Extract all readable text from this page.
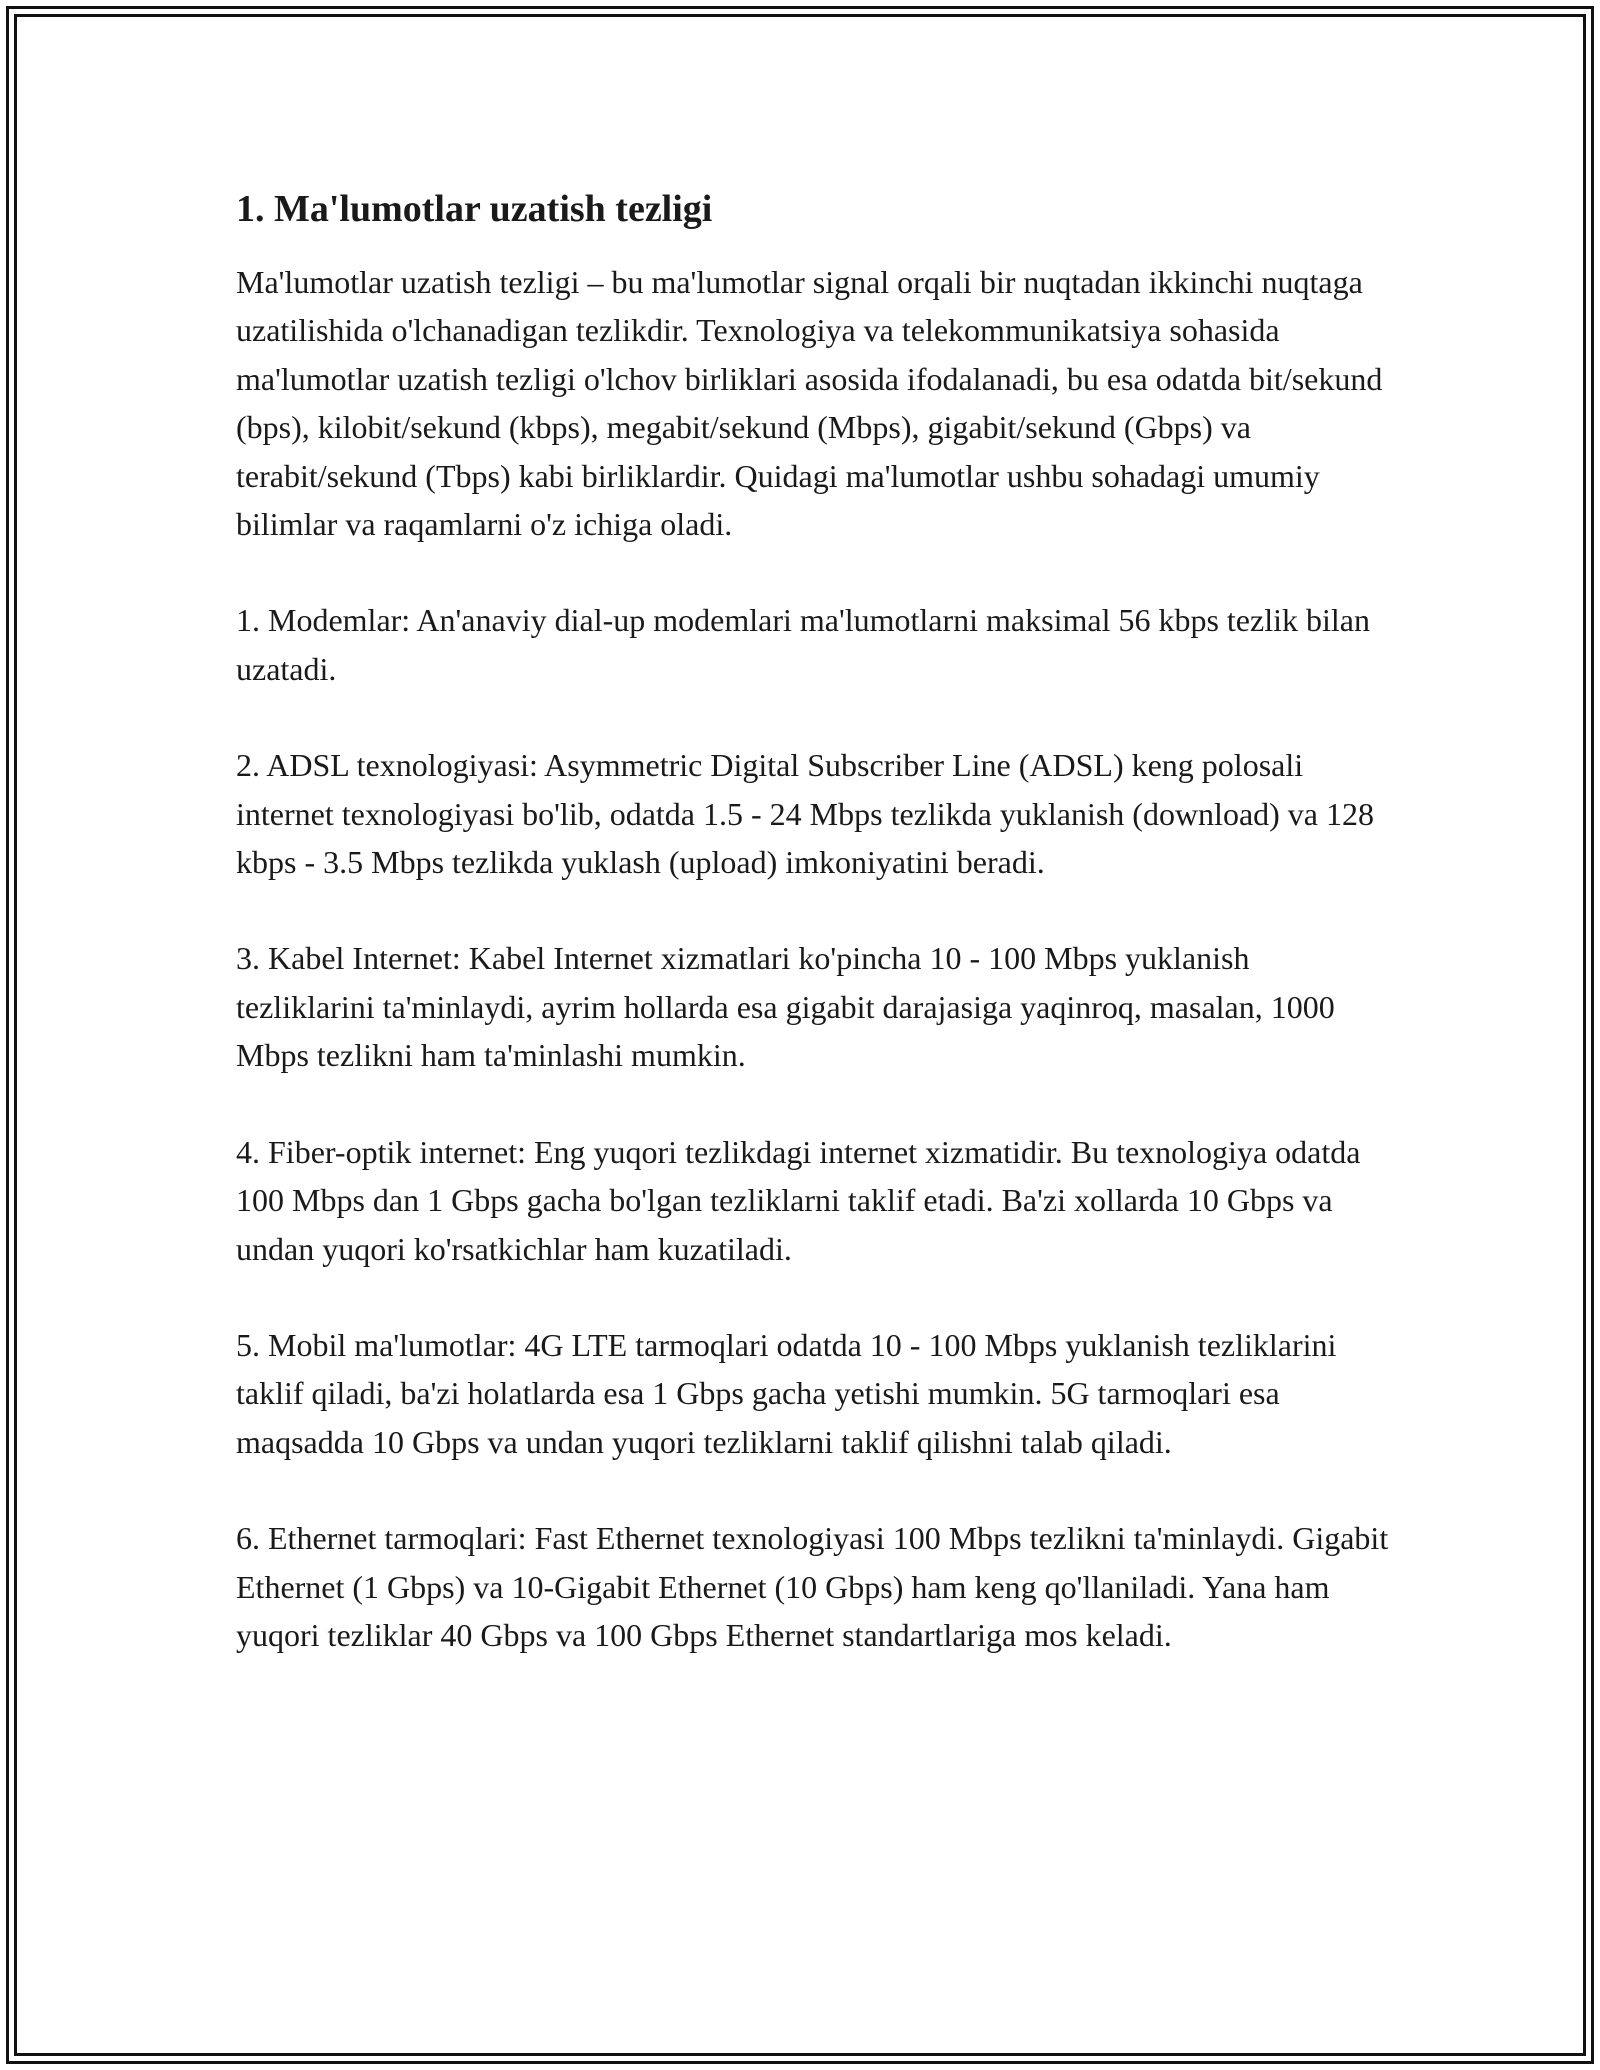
1. Ma'lumotlar uzatish tezligi

Ma'lumotlar uzatish tezligi – bu ma'lumotlar signal orqali bir nuqtadan ikkinchi nuqtaga uzatilishida o'lchanadigan tezlikdir. Texnologiya va telekommunikatsiya sohasida ma'lumotlar uzatish tezligi o'lchov birliklari asosida ifodalanadi, bu esa odatda bit/sekund (bps), kilobit/sekund (kbps), megabit/sekund (Mbps), gigabit/sekund (Gbps) va terabit/sekund (Tbps) kabi birliklardir. Quidagi ma'lumotlar ushbu sohadagi umumiy bilimlar va raqamlarni o'z ichiga oladi.

1. Modemlar: An'anaviy dial-up modemlari ma'lumotlarni maksimal 56 kbps tezlik bilan uzatadi.

2. ADSL texnologiyasi: Asymmetric Digital Subscriber Line (ADSL) keng polosali internet texnologiyasi bo'lib, odatda 1.5 - 24 Mbps tezlikda yuklanish (download) va 128 kbps - 3.5 Mbps tezlikda yuklash (upload) imkoniyatini beradi.

3. Kabel Internet: Kabel Internet xizmatlari ko'pincha 10 - 100 Mbps yuklanish tezliklarini ta'minlaydi, ayrim hollarda esa gigabit darajasiga yaqinroq, masalan, 1000 Mbps tezlikni ham ta'minlashi mumkin.

4. Fiber-optik internet: Eng yuqori tezlikdagi internet xizmatidir. Bu texnologiya odatda 100 Mbps dan 1 Gbps gacha bo'lgan tezliklarni taklif etadi. Ba'zi xollarda 10 Gbps va undan yuqori ko'rsatkichlar ham kuzatiladi.

5. Mobil ma'lumotlar: 4G LTE tarmoqlari odatda 10 - 100 Mbps yuklanish tezliklarini taklif qiladi, ba'zi holatlarda esa 1 Gbps gacha yetishi mumkin. 5G tarmoqlari esa maqsadda 10 Gbps va undan yuqori tezliklarni taklif qilishni talab qiladi.

6. Ethernet tarmoqlari: Fast Ethernet texnologiyasi 100 Mbps tezlikni ta'minlaydi. Gigabit Ethernet (1 Gbps) va 10-Gigabit Ethernet (10 Gbps) ham keng qo'llaniladi. Yana ham yuqori tezliklar 40 Gbps va 100 Gbps Ethernet standartlariga mos keladi.
